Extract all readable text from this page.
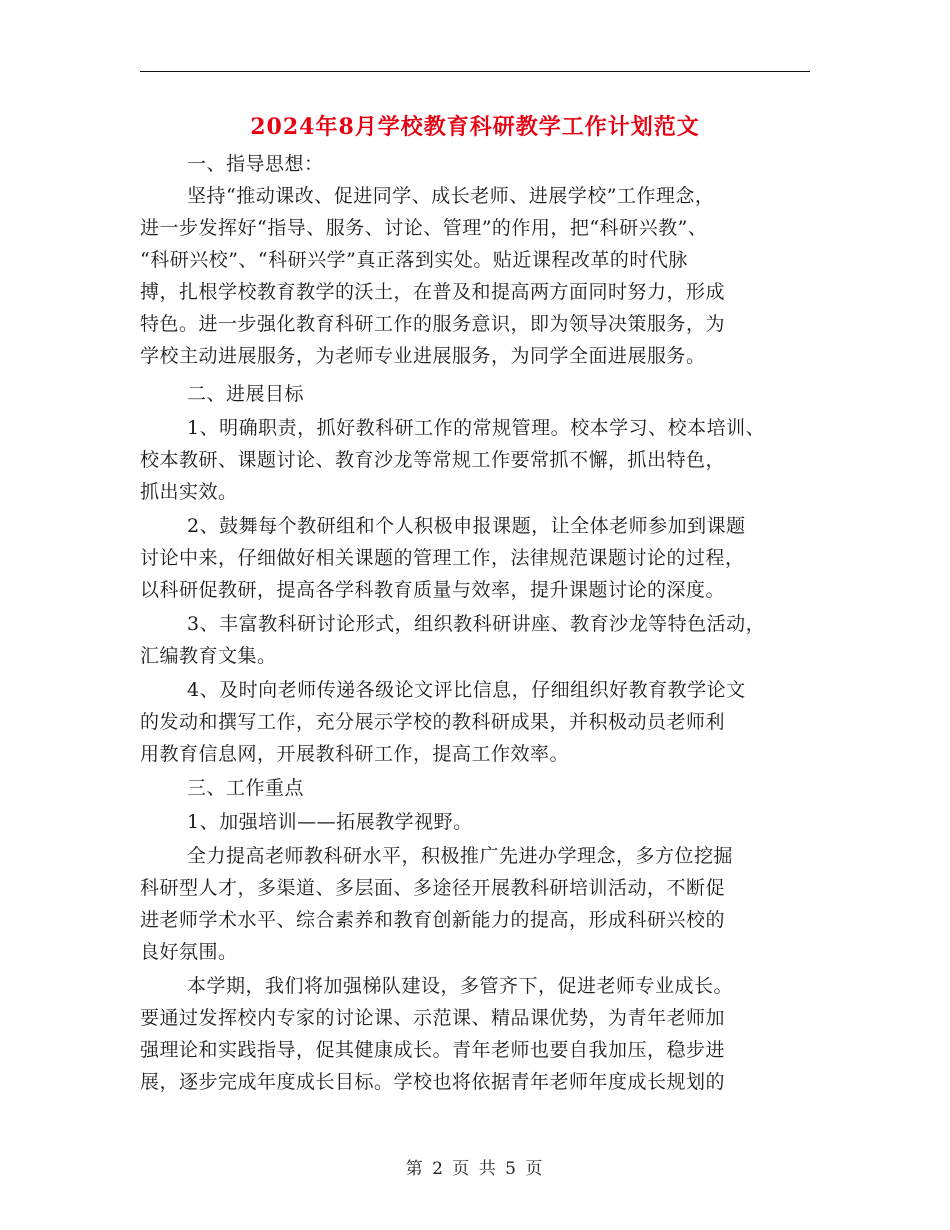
2024年8月学校教育科研教学工作计划范文
一、指导思想：
坚持“推动课改、促进同学、成长老师、进展学校”工作理念，
进一步发挥好“指导、服务、讨论、管理”的作用，把“科研兴教”、
“科研兴校”、“科研兴学”真正落到实处。贴近课程改革的时代脉
搏，扎根学校教育教学的沃土，在普及和提高两方面同时努力，形成
特色。进一步强化教育科研工作的服务意识，即为领导决策服务，为
学校主动进展服务，为老师专业进展服务，为同学全面进展服务。
二、进展目标
1、明确职责，抓好教科研工作的常规管理。校本学习、校本培训、
校本教研、课题讨论、教育沙龙等常规工作要常抓不懈，抓出特色，
抓出实效。
2、鼓舞每个教研组和个人积极申报课题，让全体老师参加到课题
讨论中来，仔细做好相关课题的管理工作，法律规范课题讨论的过程，
以科研促教研，提高各学科教育质量与效率，提升课题讨论的深度。
3、丰富教科研讨论形式，组织教科研讲座、教育沙龙等特色活动，
汇编教育文集。
4、及时向老师传递各级论文评比信息，仔细组织好教育教学论文
的发动和撰写工作，充分展示学校的教科研成果，并积极动员老师利
用教育信息网，开展教科研工作，提高工作效率。
三、工作重点
1、加强培训——拓展教学视野。
全力提高老师教科研水平，积极推广先进办学理念，多方位挖掘
科研型人才，多渠道、多层面、多途径开展教科研培训活动，不断促
进老师学术水平、综合素养和教育创新能力的提高，形成科研兴校的
良好氛围。
本学期，我们将加强梯队建设，多管齐下，促进老师专业成长。
要通过发挥校内专家的讨论课、示范课、精品课优势，为青年老师加
强理论和实践指导，促其健康成长。青年老师也要自我加压，稳步进
展，逐步完成年度成长目标。学校也将依据青年老师年度成长规划的
第 2 页 共 5 页
